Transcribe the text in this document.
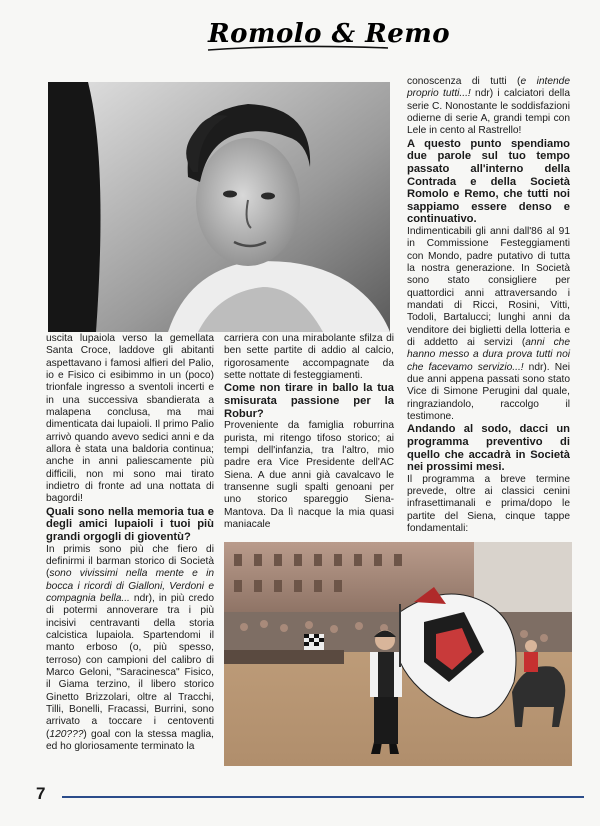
Romolo & Remo

uscita lupaiola verso la gemellata Santa Croce, laddove gli abitanti aspettavano i famosi alfieri del Palio, io e Fisico ci esibimmo in un (poco) trionfale ingresso a sventoli incerti e in una successiva sbandierata a malapena conclusa, ma mai dimenticata dai lupaioli. Il primo Palio arrivò quando avevo sedici anni e da allora è stata una baldoria continua; anche in anni paliescamente più difficili, non mi sono mai tirato indietro di fronte ad una nottata di bagordi!

Quali sono nella memoria tua e degli amici lupaioli i tuoi più grandi orgogli di gioventù?

In primis sono più che fiero di definirmi il barman storico di Società (sono vivissimi nella mente e in bocca i ricordi di Gialloni, Verdoni e compagnia bella... ndr), in più credo di potermi annoverare tra i più incisivi centravanti della storia calcistica lupaiola. Spartendomi il manto erboso (o, più spesso, terroso) con campioni del calibro di Marco Geloni, "Saracinesca" Fisico, il Giama terzino, il libero storico Ginetto Brizzolari, oltre al Tracchi, Tilli, Bonelli, Fracassi, Burrini, sono arrivato a toccare i centoventi (120???) goal con la stessa maglia, ed ho gloriosamente terminato la

carriera con una mirabolante sfilza di ben sette partite di addio al calcio, rigorosamente accompagnate da sette nottate di festeggiamenti.

Come non tirare in ballo la tua smisurata passione per la Robur?

Proveniente da famiglia roburrina purista, mi ritengo tifoso storico; ai tempi dell'infanzia, tra l'altro, mio padre era Vice Presidente dell'AC Siena. A due anni già cavalcavo le transenne sugli spalti genoani per uno storico spareggio Siena-Mantova. Da lì nacque la mia quasi maniacale

conoscenza di tutti (e intende proprio tutti...! ndr) i calciatori della serie C. Nonostante le soddisfazioni odierne di serie A, grandi tempi con Lele in cento al Rastrello!

A questo punto spendiamo due parole sul tuo tempo passato all'interno della Contrada e della Società Romolo e Remo, che tutti noi sappiamo essere denso e continuativo.

Indimenticabili gli anni dall'86 al 91 in Commissione Festeggiamenti con Mondo, padre putativo di tutta la nostra generazione. In Società sono stato consigliere per quattordici anni attraversando i mandati di Ricci, Rosini, Vitti, Todoli, Bartalucci; lunghi anni da venditore dei biglietti della lotteria e di addetto ai servizi (anni che hanno messo a dura prova tutti noi che facevamo servizio...! ndr). Nei due anni appena passati sono stato Vice di Simone Perugini dal quale, ringraziandolo, raccolgo il testimone.

Andando al sodo, dacci un programma preventivo di quello che accadrà in Società nei prossimi mesi.

Il programma a breve termine prevede, oltre ai classici cenini infrasettimanali e prima/dopo le partite del Siena, cinque tappe fondamentali:

7
